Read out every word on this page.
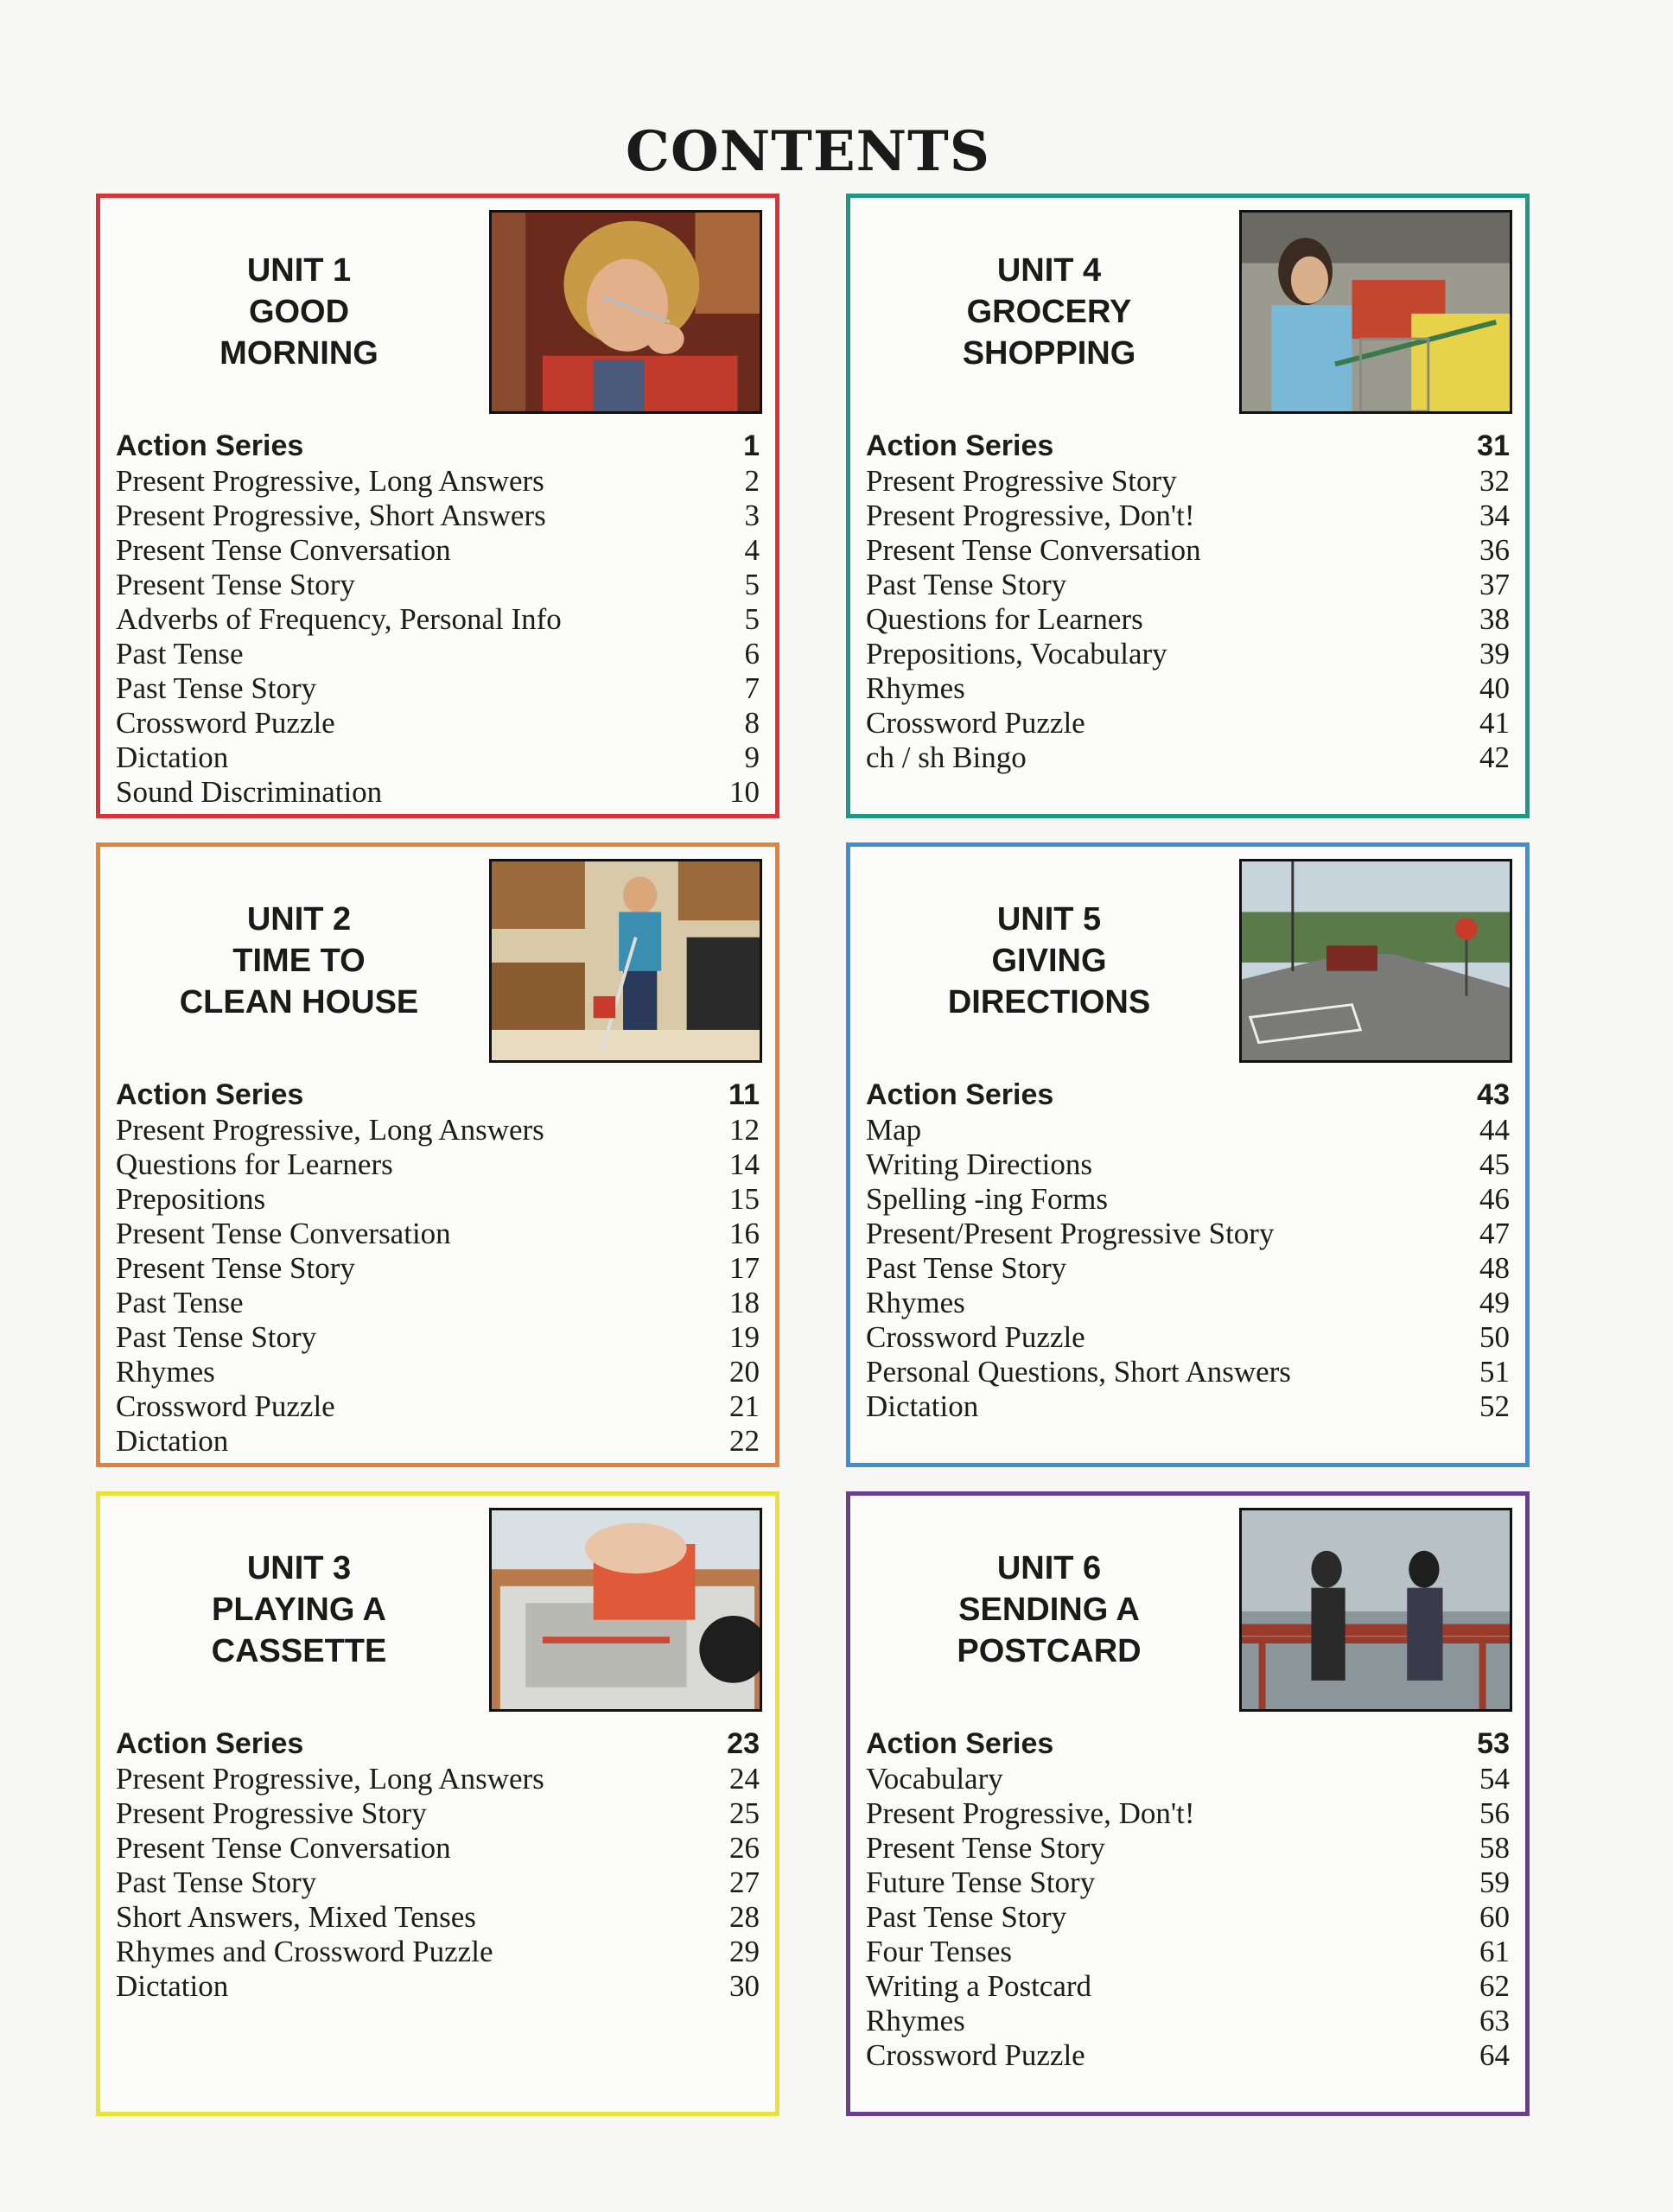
CONTENTS
UNIT 1
GOOD
MORNING
Action Series	1
Present Progressive, Long Answers	2
Present Progressive, Short Answers	3
Present Tense Conversation	4
Present Tense Story	5
Adverbs of Frequency, Personal Info	5
Past Tense	6
Past Tense Story	7
Crossword Puzzle	8
Dictation	9
Sound Discrimination	10
UNIT 2
TIME TO
CLEAN HOUSE
Action Series	11
Present Progressive, Long Answers	12
Questions for Learners	14
Prepositions	15
Present Tense Conversation	16
Present Tense Story	17
Past Tense	18
Past Tense Story	19
Rhymes	20
Crossword Puzzle	21
Dictation	22
UNIT 3
PLAYING A
CASSETTE
Action Series	23
Present Progressive, Long Answers	24
Present Progressive Story	25
Present Tense Conversation	26
Past Tense Story	27
Short Answers, Mixed Tenses	28
Rhymes and Crossword Puzzle	29
Dictation	30
UNIT 4
GROCERY
SHOPPING
Action Series	31
Present Progressive Story	32
Present Progressive, Don't!	34
Present Tense Conversation	36
Past Tense Story	37
Questions for Learners	38
Prepositions, Vocabulary	39
Rhymes	40
Crossword Puzzle	41
ch / sh Bingo	42
UNIT 5
GIVING
DIRECTIONS
Action Series	43
Map	44
Writing Directions	45
Spelling -ing Forms	46
Present/Present Progressive Story	47
Past Tense Story	48
Rhymes	49
Crossword Puzzle	50
Personal Questions, Short Answers	51
Dictation	52
UNIT 6
SENDING A
POSTCARD
Action Series	53
Vocabulary	54
Present Progressive, Don't!	56
Present Tense Story	58
Future Tense Story	59
Past Tense Story	60
Four Tenses	61
Writing a Postcard	62
Rhymes	63
Crossword Puzzle	64
